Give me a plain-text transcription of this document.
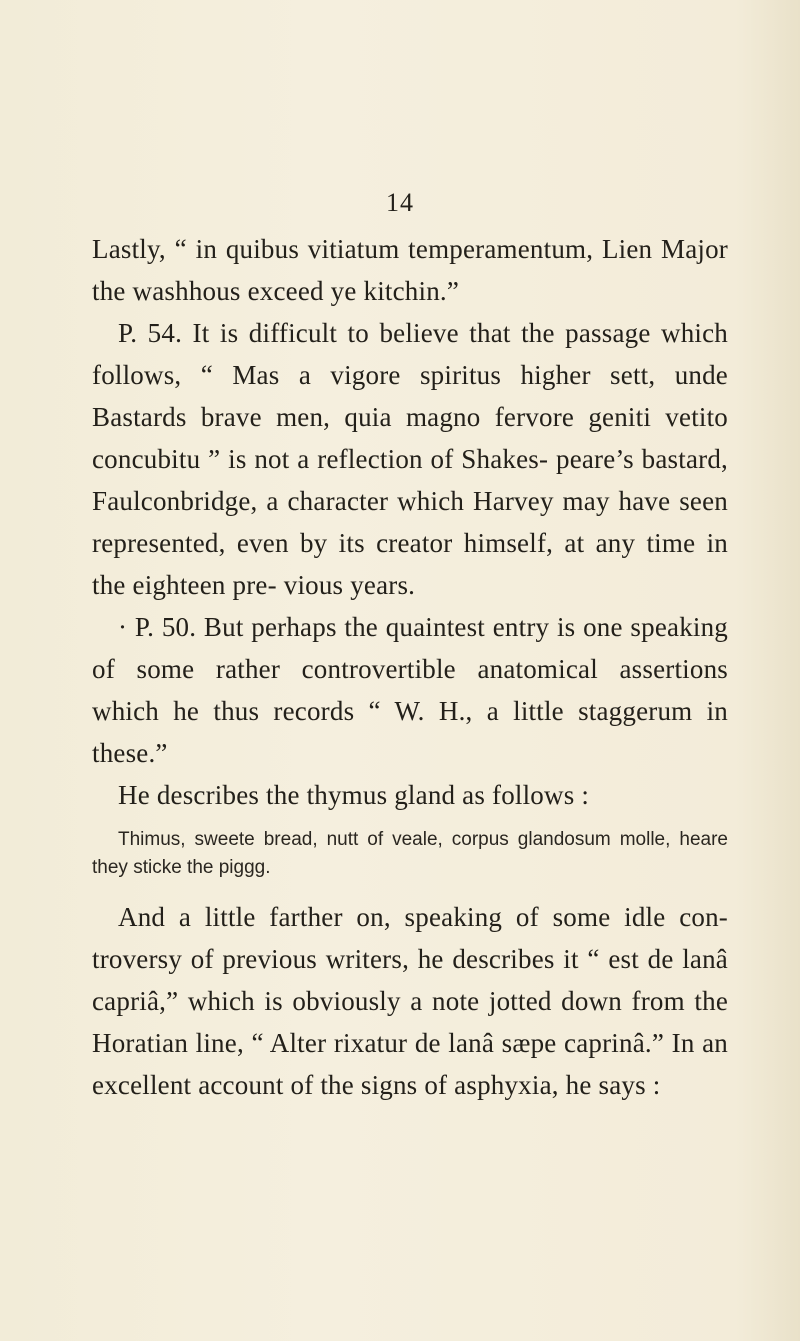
14

Lastly, “ in quibus vitiatum temperamentum, Lien Major the washhous exceed ye kitchin.”

P. 54. It is difficult to believe that the passage which follows, “ Mas a vigore spiritus higher sett, unde Bastards brave men, quia magno fervore geniti vetito concubitu ” is not a reflection of Shakes- peare’s bastard, Faulconbridge, a character which Harvey may have seen represented, even by its creator himself, at any time in the eighteen pre- vious years.

· P. 50. But perhaps the quaintest entry is one speaking of some rather controvertible anatomical assertions which he thus records “ W. H., a little staggerum in these.”

He describes the thymus gland as follows :

Thimus, sweete bread, nutt of veale, corpus glandosum molle, heare they sticke the piggg.

And a little farther on, speaking of some idle con- troversy of previous writers, he describes it “ est de lanâ capriâ,” which is obviously a note jotted down from the Horatian line, “ Alter rixatur de lanâ sæpe caprinâ.” In an excellent account of the signs of asphyxia, he says :
